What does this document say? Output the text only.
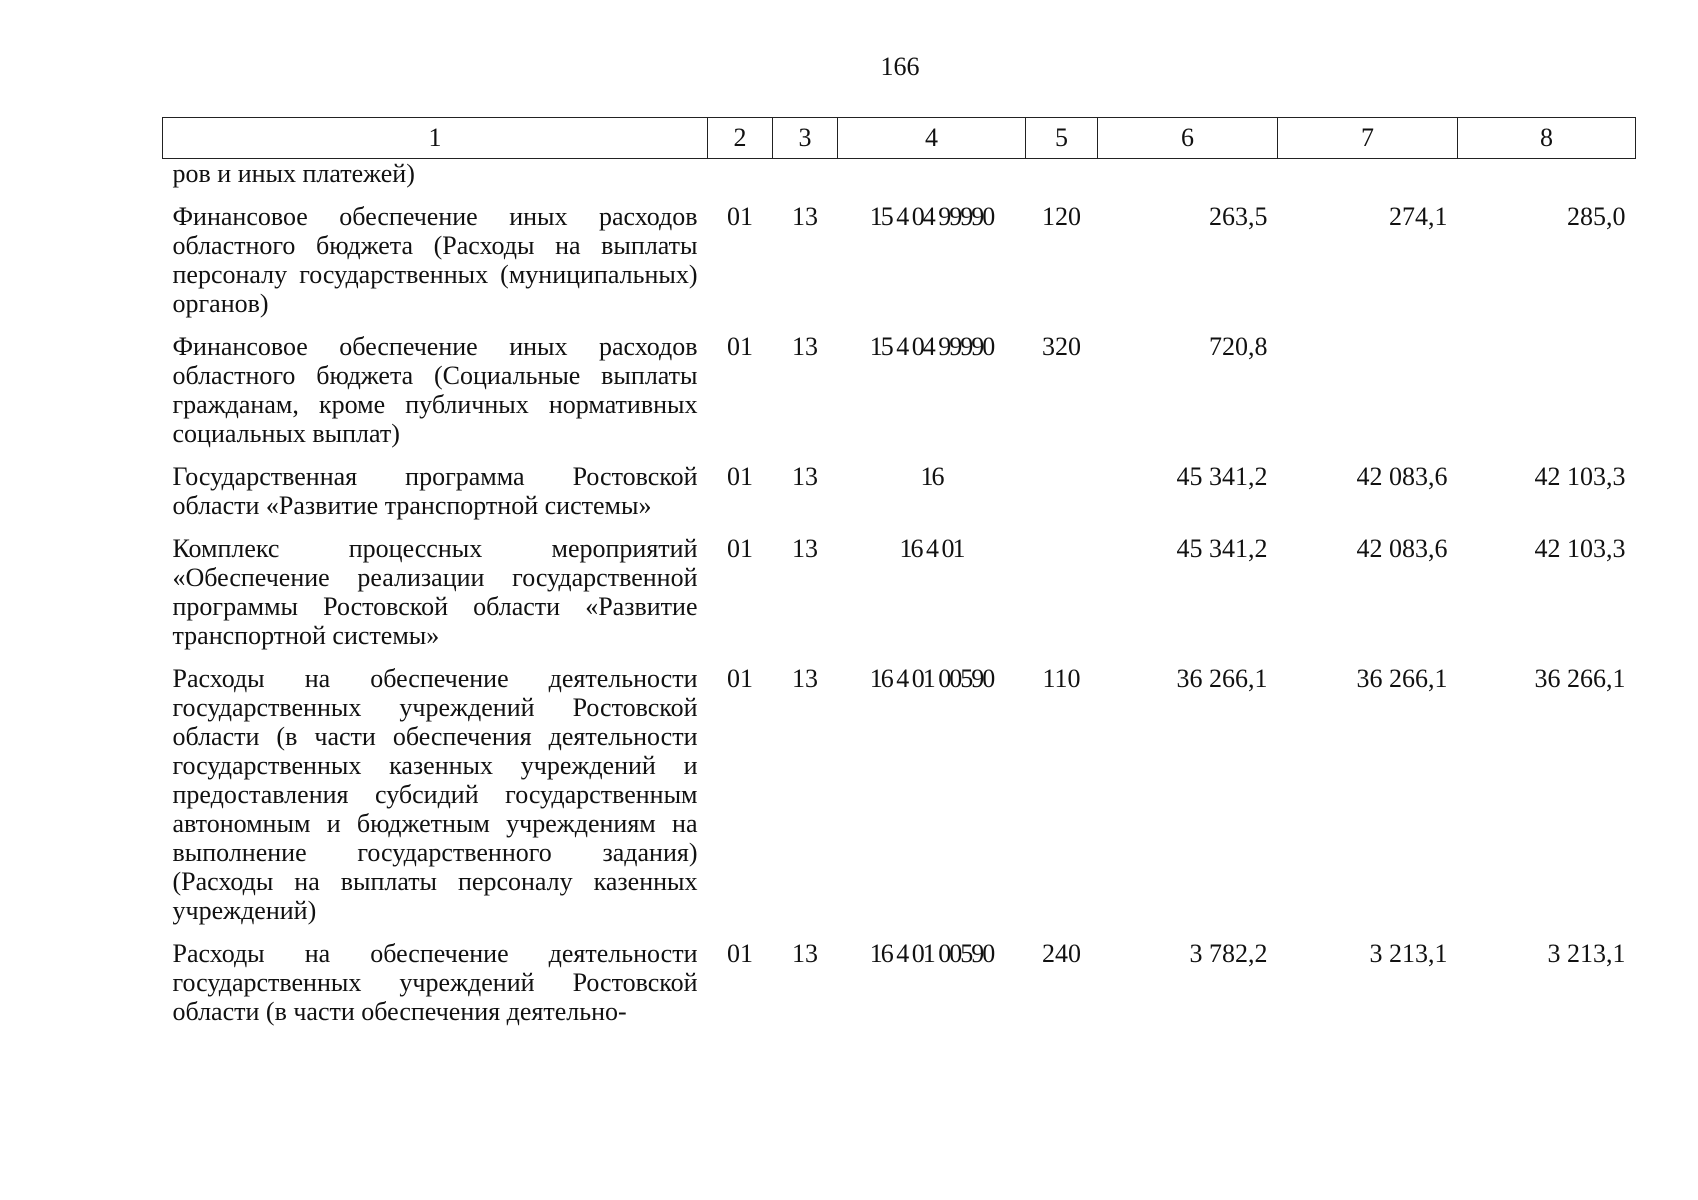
166
1	2	3	4	5	6	7	8
ров и иных платежей)							
Финансовое обеспечение иных расходов областного бюджета (Расходы на выплаты персоналу государственных (муниципальных) органов)	01	13	15 4 04 99990	120	263,5	274,1	285,0
Финансовое обеспечение иных расходов областного бюджета (Социальные выплаты гражданам, кроме публичных нормативных социальных выплат)	01	13	15 4 04 99990	320	720,8		
Государственная программа Ростовской области «Развитие транспортной системы»	01	13	16		45 341,2	42 083,6	42 103,3
Комплекс процессных мероприятий «Обеспечение реализации государственной программы Ростовской области «Развитие транспортной системы»	01	13	16 4 01		45 341,2	42 083,6	42 103,3
Расходы на обеспечение деятельности государственных учреждений Ростовской области (в части обеспечения деятельности государственных казенных учреждений и предоставления субсидий государственным автономным и бюджетным учреждениям на выполнение государственного задания) (Расходы на выплаты персоналу казенных учреждений)	01	13	16 4 01 00590	110	36 266,1	36 266,1	36 266,1
Расходы на обеспечение деятельности государственных учреждений Ростовской области (в части обеспечения деятельно-	01	13	16 4 01 00590	240	3 782,2	3 213,1	3 213,1
